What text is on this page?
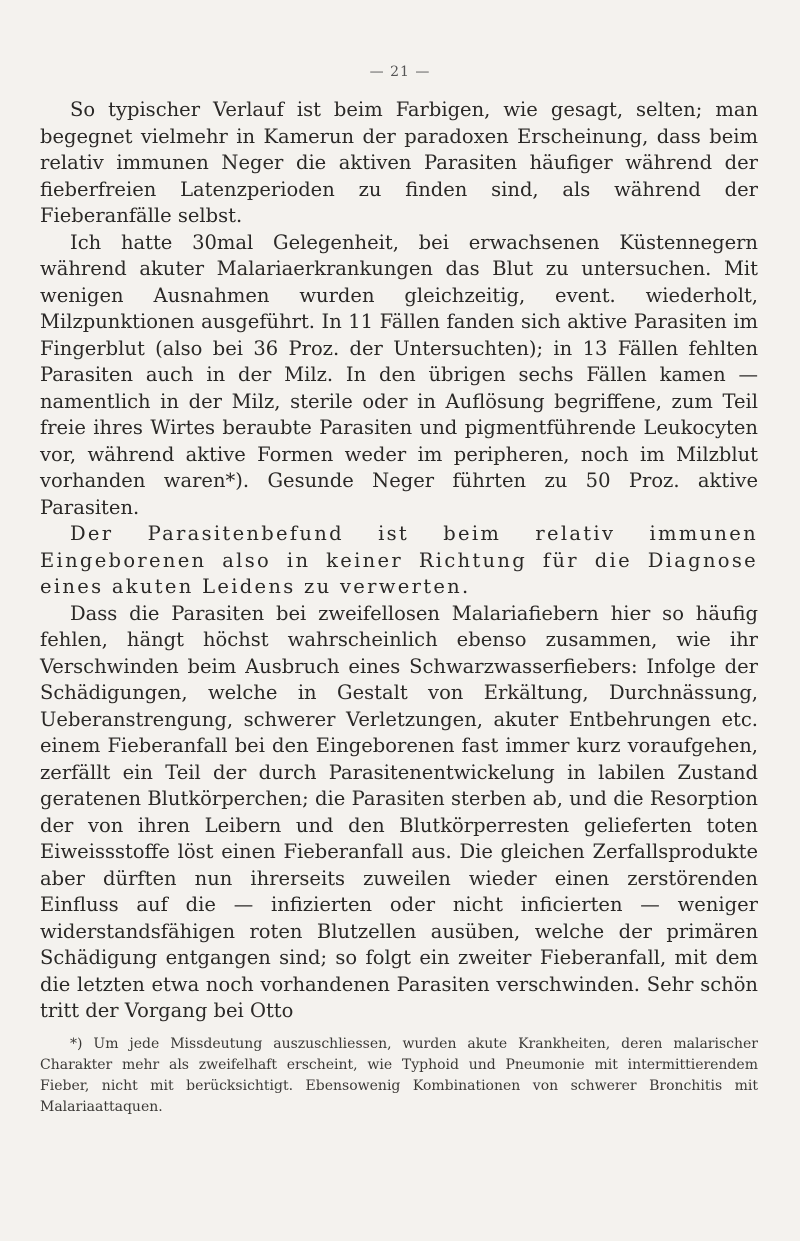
— 21 —

So typischer Verlauf ist beim Farbigen, wie gesagt, selten; man begegnet vielmehr in Kamerun der paradoxen Erscheinung, dass beim relativ immunen Neger die aktiven Parasiten häufiger während der fieberfreien Latenzperioden zu finden sind, als während der Fieberanfälle selbst.

Ich hatte 30mal Gelegenheit, bei erwachsenen Küstennegern während akuter Malariaerkrankungen das Blut zu untersuchen. Mit wenigen Ausnahmen wurden gleichzeitig, event. wiederholt, Milzpunktionen ausgeführt. In 11 Fällen fanden sich aktive Parasiten im Fingerblut (also bei 36 Proz. der Untersuchten); in 13 Fällen fehlten Parasiten auch in der Milz. In den übrigen sechs Fällen kamen — namentlich in der Milz, sterile oder in Auflösung begriffene, zum Teil freie ihres Wirtes beraubte Parasiten und pigmentführende Leukocyten vor, während aktive Formen weder im peripheren, noch im Milzblut vorhanden waren*). Gesunde Neger führten zu 50 Proz. aktive Parasiten.

Der Parasitenbefund ist beim relativ immunen Eingeborenen also in keiner Richtung für die Diagnose eines akuten Leidens zu verwerten.

Dass die Parasiten bei zweifellosen Malariafiebern hier so häufig fehlen, hängt höchst wahrscheinlich ebenso zusammen, wie ihr Verschwinden beim Ausbruch eines Schwarzwasserfiebers: Infolge der Schädigungen, welche in Gestalt von Erkältung, Durchnässung, Ueberanstrengung, schwerer Verletzungen, akuter Entbehrungen etc. einem Fieberanfall bei den Eingeborenen fast immer kurz voraufgehen, zerfällt ein Teil der durch Parasitenentwickelung in labilen Zustand geratenen Blutkörperchen; die Parasiten sterben ab, und die Resorption der von ihren Leibern und den Blutkörperresten gelieferten toten Eiweissstoffe löst einen Fieberanfall aus. Die gleichen Zerfallsprodukte aber dürften nun ihrerseits zuweilen wieder einen zerstörenden Einfluss auf die — infizierten oder nicht inficierten — weniger widerstandsfähigen roten Blutzellen ausüben, welche der primären Schädigung entgangen sind; so folgt ein zweiter Fieberanfall, mit dem die letzten etwa noch vorhandenen Parasiten verschwinden. Sehr schön tritt der Vorgang bei Otto

*) Um jede Missdeutung auszuschliessen, wurden akute Krankheiten, deren malarischer Charakter mehr als zweifelhaft erscheint, wie Typhoid und Pneumonie mit intermittierendem Fieber, nicht mit berücksichtigt. Ebensowenig Kombinationen von schwerer Bronchitis mit Malariaattaquen.
